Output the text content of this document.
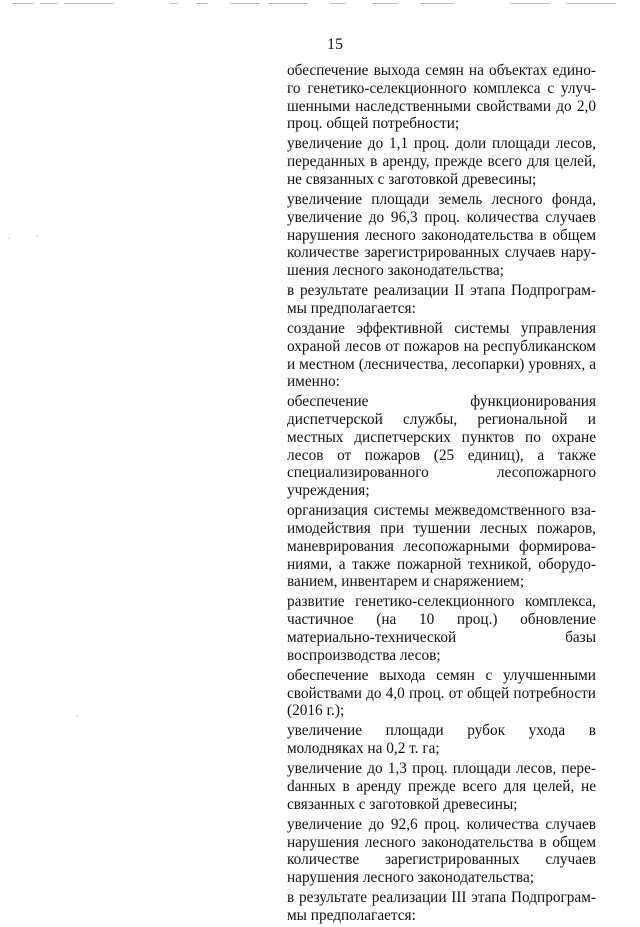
15

обеспечение выхода семян на объектах единого генетико-селекционного комплекса с улучшенными наследственными свойствами до 2,0 проц. общей потребности;

увеличение до 1,1 проц. доли площади лесов, переданных в аренду, прежде всего для целей, не связанных с заготовкой древесины;

увеличение площади земель лесного фонда, увеличение до 96,3 проц. количества случаев нарушения лесного законодательства в общем количестве зарегистрированных случаев нарушения лесного законодательства;

в результате реализации II этапа Подпрограммы предполагается:

создание эффективной системы управления охраной лесов от пожаров на республиканском и местном (лесничества, лесопарки) уровнях, а именно:

обеспечение функционирования диспетчерской службы, региональной и местных диспетчерских пунктов по охране лесов от пожаров (25 единиц), а также специализированного лесопожарного учреждения;

организация системы межведомственного взаимодействия при тушении лесных пожаров, маневрирования лесопожарными формированиями, а также пожарной техникой, оборудованием, инвентарем и снаряжением;

развитие генетико-селекционного комплекса, частичное (на 10 проц.) обновление материально-технической базы воспроизводства лесов;

обеспечение выхода семян с улучшенными свойствами до 4,0 проц. от общей потребности (2016 г.);

увеличение площади рубок ухода в молодняках на 0,2 т. га;

увеличение до 1,3 проц. площади лесов, переdанных в аренду прежде всего для целей, не связанных с заготовкой древесины;

увеличение до 92,6 проц. количества случаев нарушения лесного законодательства в общем количестве зарегистрированных случаев нарушения лесного законодательства;

в результате реализации III этапа Подпрограммы предполагается:
